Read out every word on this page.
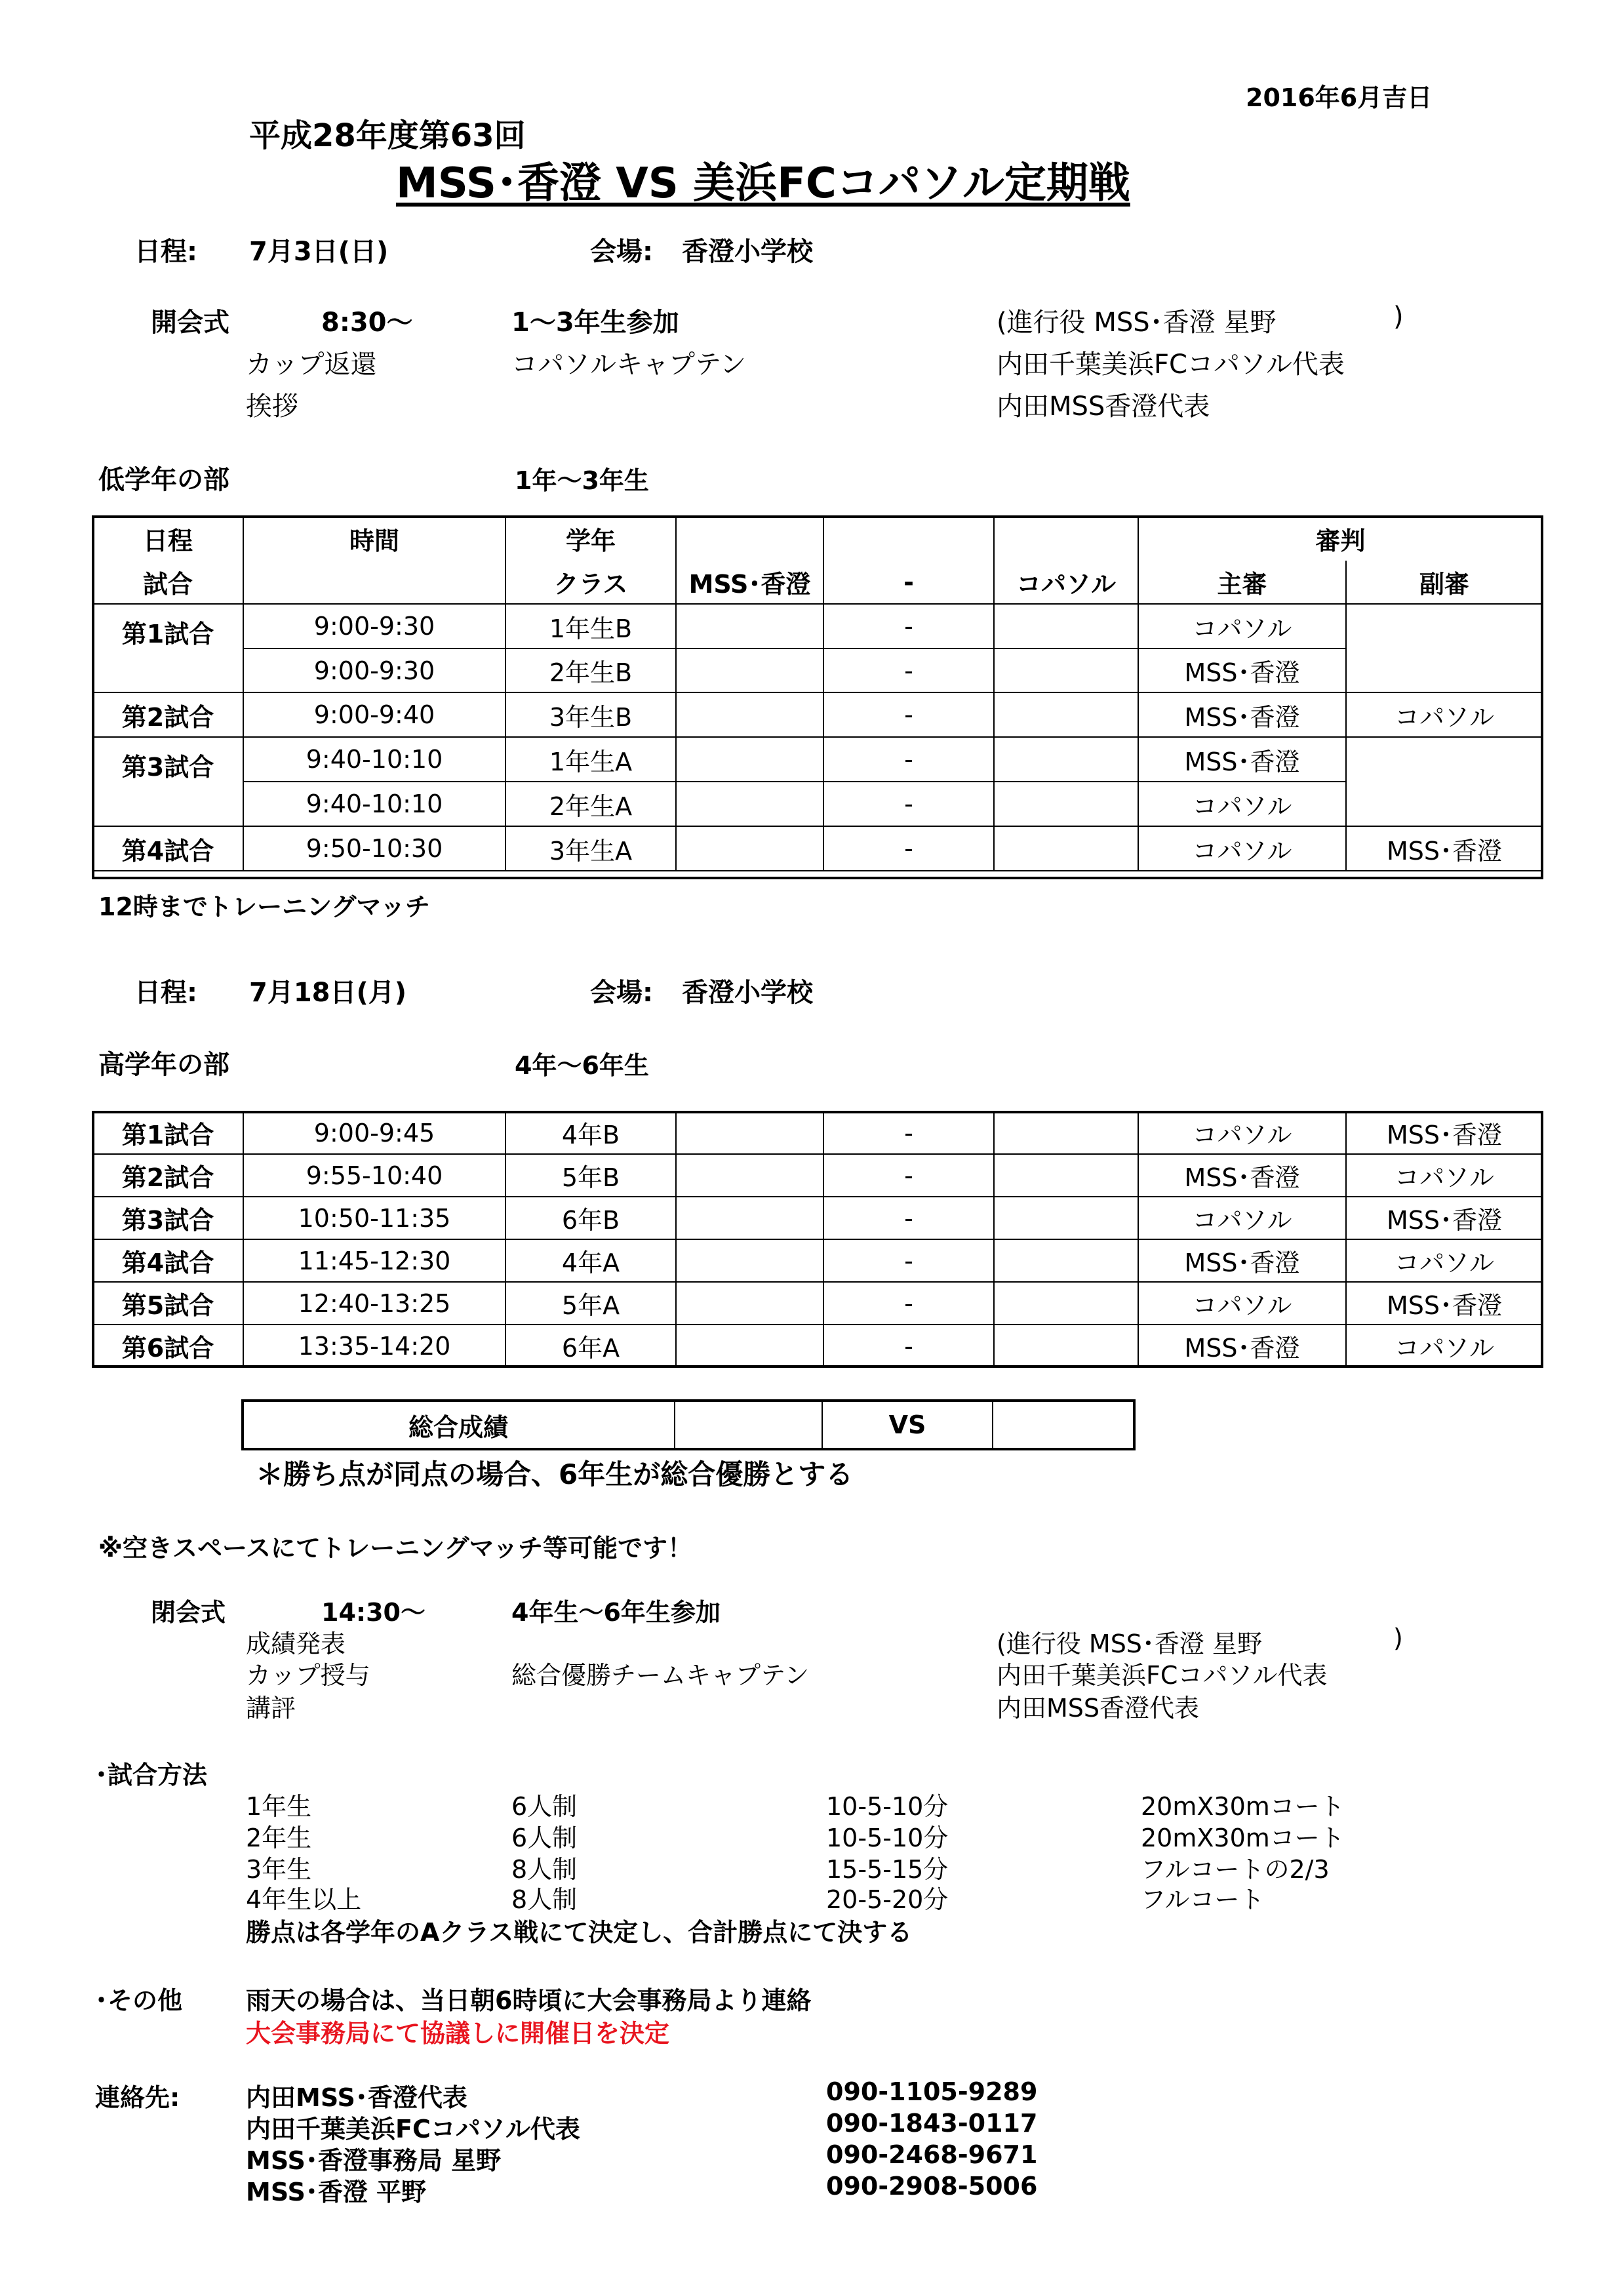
2016年6月吉日
平成28年度第63回
MSS･香澄 VS 美浜FCコパソル定期戦
日程: 7月3日(日)	会場: 香澄小学校
開会式	8:30～	1～3年生参加	(進行役 MSS･香澄 星野	)
カップ返還	コパソルキャプテン	内田千葉美浜FCコパソル代表
挨拶	内田MSS香澄代表
低学年の部	1年～3年生
日程	時間	学年				審判	
試合		クラス	MSS･香澄	-	コパソル	主審	副審
第1試合	9:00-9:30	1年生B		-		コパソル	
	9:00-9:30	2年生B		-		MSS･香澄	
第2試合	9:00-9:40	3年生B		-		MSS･香澄	コパソル
第3試合	9:40-10:10	1年生A		-		MSS･香澄	
	9:40-10:10	2年生A		-		コパソル	
第4試合	9:50-10:30	3年生A		-		コパソル	MSS･香澄
12時までトレーニングマッチ
日程: 7月18日(月)	会場: 香澄小学校
高学年の部	4年～6年生
第1試合	9:00-9:45	4年B		-		コパソル	MSS･香澄
第2試合	9:55-10:40	5年B		-		MSS･香澄	コパソル
第3試合	10:50-11:35	6年B		-		コパソル	MSS･香澄
第4試合	11:45-12:30	4年A		-		MSS･香澄	コパソル
第5試合	12:40-13:25	5年A		-		コパソル	MSS･香澄
第6試合	13:35-14:20	6年A		-		MSS･香澄	コパソル
総合成績		VS	
＊勝ち点が同点の場合、6年生が総合優勝とする
※空きスペースにてトレーニングマッチ等可能です！
閉会式	14:30～	4年生～6年生参加
成績発表	(進行役 MSS･香澄 星野	)
カップ授与	総合優勝チームキャプテン	内田千葉美浜FCコパソル代表
講評	内田MSS香澄代表
･試合方法
1年生	6人制	10-5-10分	20mX30mコート
2年生	6人制	10-5-10分	20mX30mコート
3年生	8人制	15-5-15分	フルコートの2/3
4年生以上	8人制	20-5-20分	フルコート
勝点は各学年のAクラス戦にて決定し、合計勝点にて決する
･その他	雨天の場合は、当日朝6時頃に大会事務局より連絡
大会事務局にて協議しに開催日を決定
連絡先:	内田MSS･香澄代表	090-1105-9289
内田千葉美浜FCコパソル代表	090-1843-0117
MSS･香澄事務局 星野	090-2468-9671
MSS･香澄 平野	090-2908-5006
